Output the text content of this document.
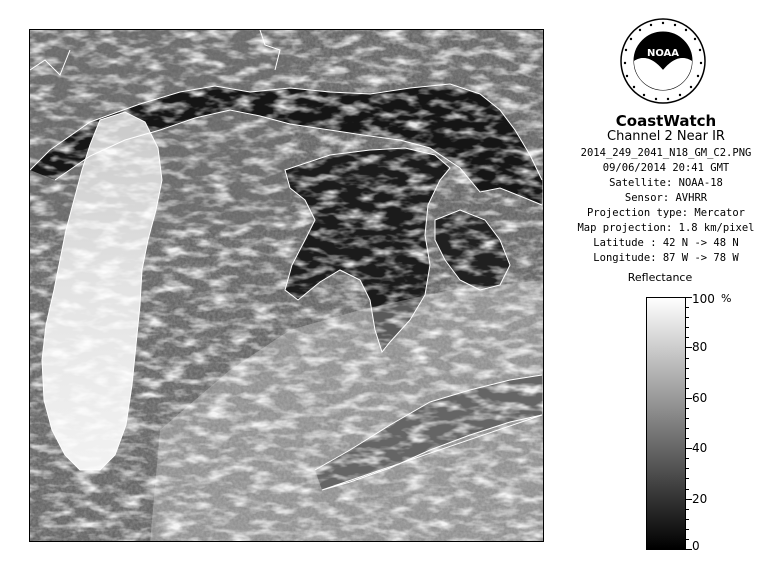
NOAA
CoastWatch
Channel 2 Near IR
2014_249_2041_N18_GM_C2.PNG
09/06/2014 20:41 GMT
Satellite: NOAA-18
Sensor: AVHRR
Projection type: Mercator
Map projection: 1.8 km/pixel
Latitude : 42 N -> 48 N
Longitude: 87 W -> 78 W
Reflectance
%
100
80
60
40
20
0
